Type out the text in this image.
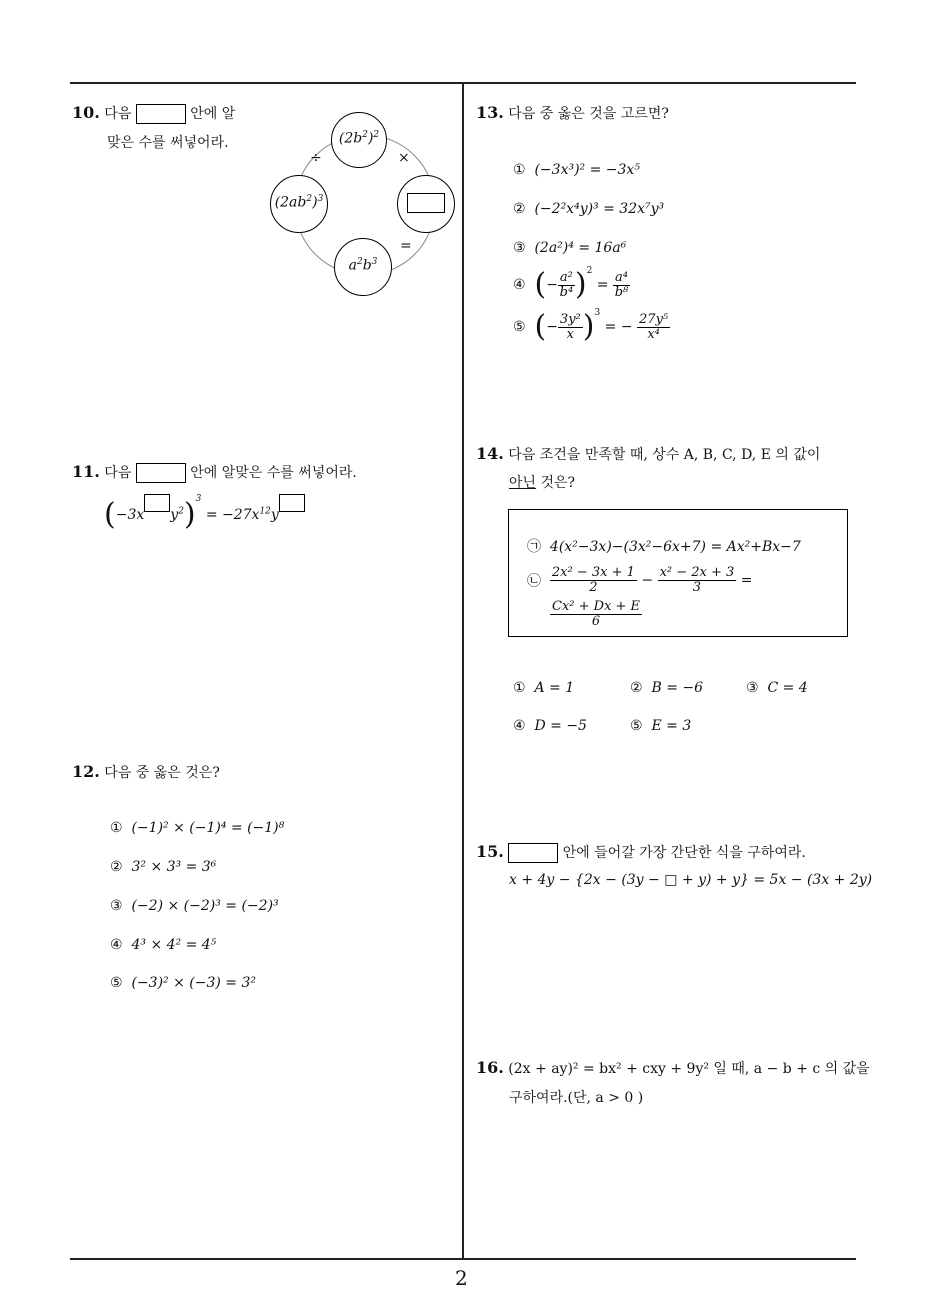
10. 다음	안에 알
맞은 수를 써넣어라.
÷	×
=
$(2b^2)^2$
$(2ab^2)^3$
$a^2b^3$
11. 다음	안에 알맞은 수를 써넣어라.
(−3x $y^2)^3 = -27x^{12}y$
12. 다음 중 옳은 것은?
① (−1)² × (−1)⁴ = (−1)⁸
② 3² × 3³ = 3⁶
③ (−2) × (−2)³ = (−2)³
④ 4³ × 4² = 4⁵
⑤ (−3)² × (−3) = 3²
13. 다음 중 옳은 것을 고르면?
① (−3x³)² = −3x⁵
② (−2²x⁴y)³ = 32x⁷y³
③ (2a²)⁴ = 16a⁶
④ (− $\frac{\text{a²}}{\text{b⁴}} )^2 = \frac{\text{a⁴}}{\text{b⁸}}$
⑤ (− $\frac{\text{3y²}}{x} )^3$ = − $\frac{\text{27y⁵}}{\text{x⁴}}$
14. 다음 조건을 만족할 때, 상수 A, B, C, D, E 의 값이
아닌 것은?
㉠ 4(x²−3x)−(3x²−6x+7) = Ax²+Bx−7
㉡ $\frac{\text{2x² − 3x + 1}}{2} - \frac{\text{x² − 2x + 3}}{3}$ =
$\frac{\text{Cx² + Dx + E}}{6}$
① A = 1	② B = −6	③ C = 4
④ D = −5	⑤ E = 3
15.	안에 들어갈 가장 간단한 식을 구하여라.
x + 4y − {2x − (3y − □ + y) + y} = 5x − (3x + 2y)
16. (2x + ay)² = bx² + cxy + 9y² 일 때, a − b + c 의 값을
구하여라.(단, a > 0 )
2
